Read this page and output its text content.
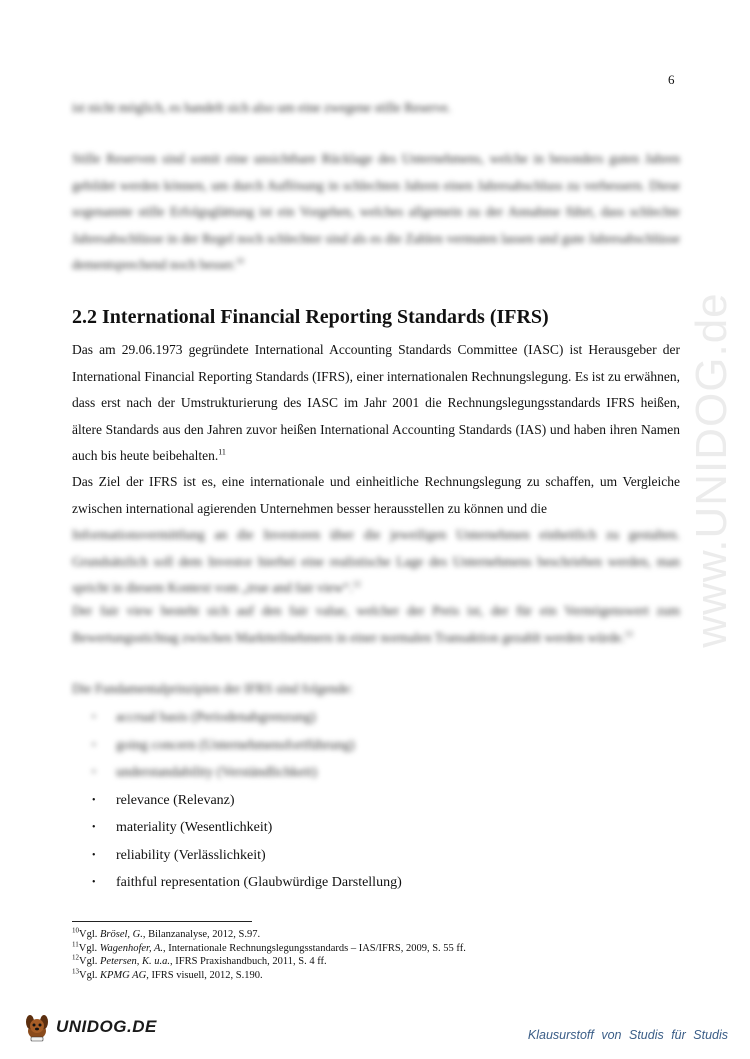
6
www.UNIDOG.de
ist nicht möglich, es handelt sich also um eine zwegene stille Reserve.
Stille Reserven sind somit eine unsichtbare Rücklage des Unternehmens, welche in besonders guten Jahren gebildet werden können, um durch Auflösung in schlechten Jahren einen Jahresabschluss zu verbessern. Diese sogenannte stille Erfolgsglättung ist ein Vorgehen, welches allgemein zu der Annahme führt, dass schlechte Jahresabschlüsse in der Regel noch schlechter sind als es die Zahlen vermuten lassen und gute Jahresabschlüsse dementsprechend noch besser.$^{10}$
2.2 International Financial Reporting Standards (IFRS)
Das am 29.06.1973 gegründete International Accounting Standards Committee (IASC) ist Herausgeber der International Financial Reporting Standards (IFRS), einer internationalen Rechnungslegung. Es ist zu erwähnen, dass erst nach der Umstrukturierung des IASC im Jahr 2001 die Rechnungslegungsstandards IFRS heißen, ältere Standards aus den Jahren zuvor heißen International Accounting Standards (IAS) und haben ihren Namen auch bis heute beibehalten.$^{11}$
Das Ziel der IFRS ist es, eine internationale und einheitliche Rechnungslegung zu schaffen, um Vergleiche zwischen international agierenden Unternehmen besser herausstellen zu können und die
Informationsvermittlung an die Investoren über die jeweiligen Unternehmen einheitlich zu gestalten. Grundsätzlich soll dem Investor hierbei eine realistische Lage des Unternehmens beschrieben werden, man spricht in diesem Kontext vom „true and fair view“.$^{12}$
Der fair view besteht sich auf den fair value, welcher der Preis ist, der für ein Vermögenswert zum Bewertungsstichtag zwischen Marktteilnehmern in einer normalen Transaktion gezahlt werden würde.$^{13}$
Die Fundamentalprinzipien der IFRS sind folgende:
• accrual basis (Periodenabgrenzung)
• going concern (Unternehmensfortführung)
• understandability (Verständlichkeit)
• relevance (Relevanz)
• materiality (Wesentlichkeit)
• reliability (Verlässlichkeit)
• faithful representation (Glaubwürdige Darstellung)
$^{10}$Vgl. Brösel, G., Bilanzanalyse, 2012, S.97.
$^{11}$Vgl. Wagenhofer, A., Internationale Rechnungslegungsstandards – IAS/IFRS, 2009, S. 55 ff.
$^{12}$Vgl. Petersen, K. u.a., IFRS Praxishandbuch, 2011, S. 4 ff.
$^{13}$Vgl. KPMG AG, IFRS visuell, 2012, S.190.
UNIDOG.DE	Klausurstoff von Studis für Studis
